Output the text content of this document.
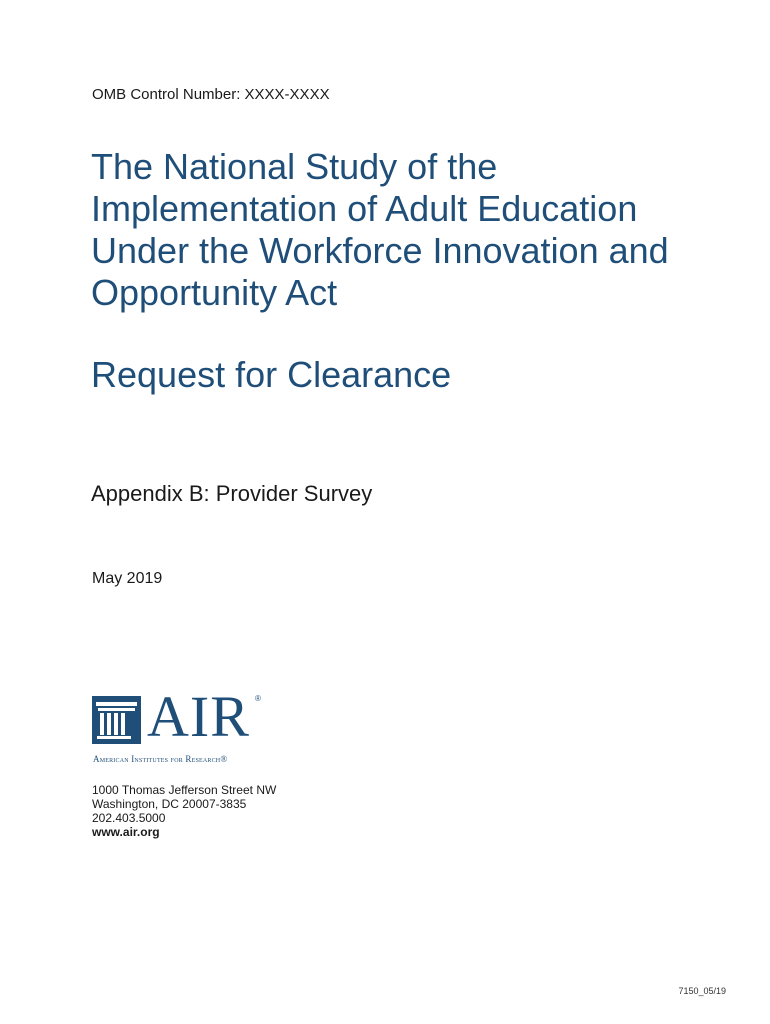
OMB Control Number: XXXX-XXXX

The National Study of the
Implementation of Adult Education
Under the Workforce Innovation and
Opportunity Act
Request for Clearance

Appendix B: Provider Survey

May 2019

AIR ®
American Institutes for Research®
1000 Thomas Jefferson Street NW
Washington, DC 20007-3835
202.403.5000
www.air.org
7150_05/19
